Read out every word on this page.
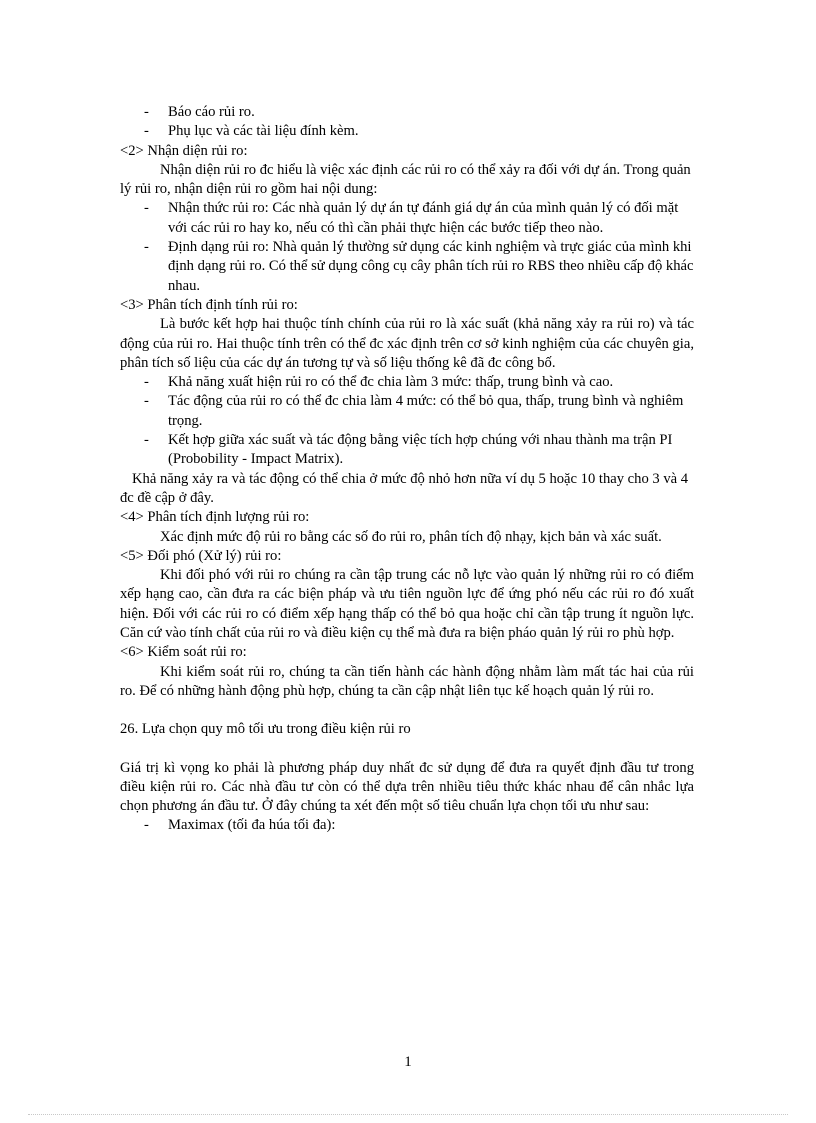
- Báo cáo rủi ro.
- Phụ lục và các tài liệu đính kèm.

<2> Nhận diện rủi ro:

Nhận diện rủi ro đc hiểu là việc xác định các rủi ro có thể xảy ra đối với dự án. Trong quản lý rủi ro, nhận diện rủi ro gồm hai nội dung:

- Nhận thức rủi ro: Các nhà quản lý dự án tự đánh giá dự án của mình quản lý có đối mặt với các rủi ro hay ko, nếu có thì cần phải thực hiện các bước tiếp theo nào.
- Định dạng rủi ro: Nhà quản lý thường sử dụng các kinh nghiệm và trực giác của mình khi định dạng rủi ro. Có thể sử dụng công cụ cây phân tích rủi ro RBS theo nhiều cấp độ khác nhau.

<3> Phân tích định tính rủi ro:

Là bước kết hợp hai thuộc tính chính của rủi ro là xác suất (khả năng xảy ra rủi ro) và tác động của rủi ro. Hai thuộc tính trên có thể đc xác định trên cơ sở kinh nghiệm của các chuyên gia, phân tích số liệu của các dự án tương tự và số liệu thống kê đã đc công bố.

- Khả năng xuất hiện rủi ro có thể đc chia làm 3 mức: thấp, trung bình và cao.
- Tác động của rủi ro có thể đc chia làm 4 mức: có thể bỏ qua, thấp, trung bình và nghiêm trọng.
- Kết hợp giữa xác suất và tác động bằng việc tích hợp chúng với nhau thành ma trận PI (Probobility - Impact Matrix).

Khả năng xảy ra và tác động có thể chia ở mức độ nhỏ hơn nữa ví dụ 5 hoặc 10 thay cho 3 và 4 đc đề cập ở đây.

<4> Phân tích định lượng rủi ro:

Xác định mức độ rủi ro bằng các số đo rủi ro, phân tích độ nhạy, kịch bản và xác suất.

<5> Đối phó (Xử lý) rủi ro:

Khi đối phó với rủi ro chúng ra cần tập trung các nỗ lực vào quản lý những rủi ro có điểm xếp hạng cao, cần đưa ra các biện pháp và ưu tiên nguồn lực để ứng phó nếu các rủi ro đó xuất hiện. Đối với các rủi ro có điểm xếp hạng thấp có thể bỏ qua hoặc chỉ cần tập trung ít nguồn lực. Căn cứ vào tính chất của rủi ro và điều kiện cụ thể mà đưa ra biện pháo quản lý rủi ro phù hợp.

<6> Kiểm soát rủi ro:

Khi kiểm soát rủi ro, chúng ta cần tiến hành các hành động nhằm làm mất tác hai của rủi ro. Để có những hành động phù hợp, chúng ta cần cập nhật liên tục kế hoạch quản lý rủi ro.

26. Lựa chọn quy mô tối ưu trong điều kiện rủi ro

Giá trị kì vọng ko phải là phương pháp duy nhất đc sử dụng để đưa ra quyết định đầu tư trong điều kiện rủi ro. Các nhà đầu tư còn có thể dựa trên nhiều tiêu thức khác nhau để cân nhắc lựa chọn phương án đầu tư. Ở đây chúng ta xét đến một số tiêu chuẩn lựa chọn tối ưu như sau:

- Maximax (tối đa húa tối đa):
1
